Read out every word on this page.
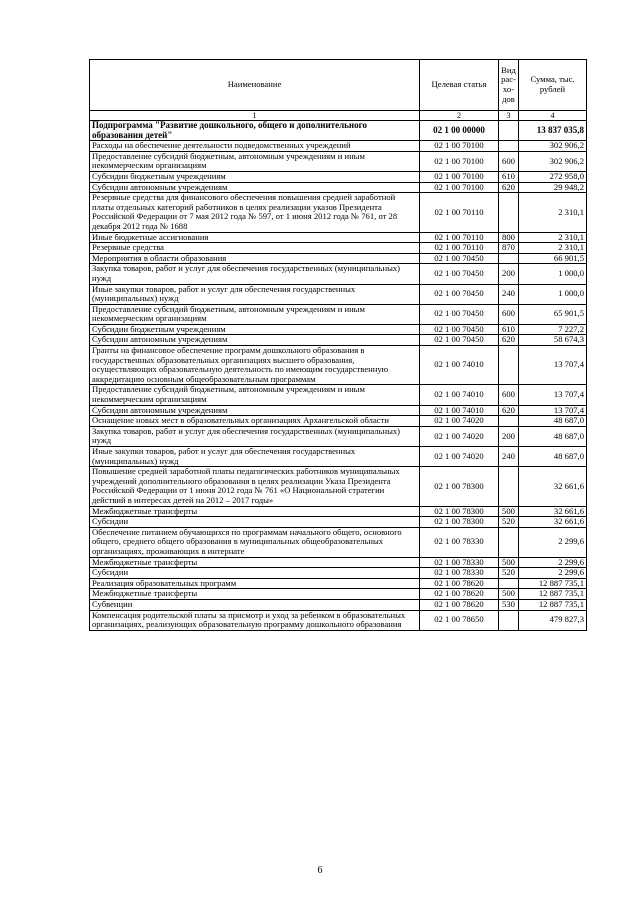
Наименование	Целевая статья	Вид рас-хо-дов	Сумма, тыс. рублей
1	2	3	4
Подпрограмма "Развитие дошкольного, общего и дополнительного образования детей"	02 1 00 00000		13 837 035,8
Расходы на обеспечение деятельности подведомственных учреждений	02 1 00 70100		302 906,2
Предоставление субсидий бюджетным, автономным учреждениям и иным некоммерческим организациям	02 1 00 70100	600	302 906,2
Субсидии бюджетным учреждениям	02 1 00 70100	610	272 958,0
Субсидии автономным учреждениям	02 1 00 70100	620	29 948,2
Резервные средства для финансового обеспечения повышения средней заработной платы отдельных категорий работников в целях реализации указов Президента Российской Федерации от 7 мая 2012 года № 597, от 1 июня 2012 года № 761, от 28 декабря 2012 года № 1688	02 1 00 70110		2 310,1
Иные бюджетные ассигнования	02 1 00 70110	800	2 310,1
Резервные средства	02 1 00 70110	870	2 310,1
Мероприятия в области образования	02 1 00 70450		66 901,5
Закупка товаров, работ и услуг для обеспечения государственных (муниципальных) нужд	02 1 00 70450	200	1 000,0
Иные закупки товаров, работ и услуг для обеспечения государственных (муниципальных) нужд	02 1 00 70450	240	1 000,0
Предоставление субсидий бюджетным, автономным учреждениям и иным некоммерческим организациям	02 1 00 70450	600	65 901,5
Субсидии бюджетным учреждениям	02 1 00 70450	610	7 227,2
Субсидии автономным учреждениям	02 1 00 70450	620	58 674,3
Гранты на финансовое обеспечение программ дошкольного образования в государственных образовательных организациях высшего образования, осуществляющих образовательную деятельность по имеющим государственную аккредитацию основным общеобразовательным программам	02 1 00 74010		13 707,4
Предоставление субсидий бюджетным, автономным учреждениям и иным некоммерческим организациям	02 1 00 74010	600	13 707,4
Субсидии автономным учреждениям	02 1 00 74010	620	13 707,4
Оснащение новых мест в образовательных организациях Архангельской области	02 1 00 74020		48 687,0
Закупка товаров, работ и услуг для обеспечения государственных (муниципальных) нужд	02 1 00 74020	200	48 687,0
Иные закупки товаров, работ и услуг для обеспечения государственных (муниципальных) нужд	02 1 00 74020	240	48 687,0
Повышение средней заработной платы педагогических работников муниципальных учреждений дополнительного образования в целях реализации Указа Президента Российской Федерации от 1 июня 2012 года № 761 «О Национальной стратегии действий в интересах детей на 2012 – 2017 годы»	02 1 00 78300		32 661,6
Межбюджетные трансферты	02 1 00 78300	500	32 661,6
Субсидии	02 1 00 78300	520	32 661,6
Обеспечение питанием обучающихся по программам начального общего, основного общего, среднего общего образования в муниципальных общеобразовательных организациях, проживающих в интернате	02 1 00 78330		2 299,6
Межбюджетные трансферты	02 1 00 78330	500	2 299,6
Субсидии	02 1 00 78330	520	2 299,6
Реализация образовательных программ	02 1 00 78620		12 887 735,1
Межбюджетные трансферты	02 1 00 78620	500	12 887 735,1
Субвенции	02 1 00 78620	530	12 887 735,1
Компенсация родительской платы за присмотр и уход за ребенком в образовательных организациях, реализующих образовательную программу дошкольного образования	02 1 00 78650		479 827,3
6
